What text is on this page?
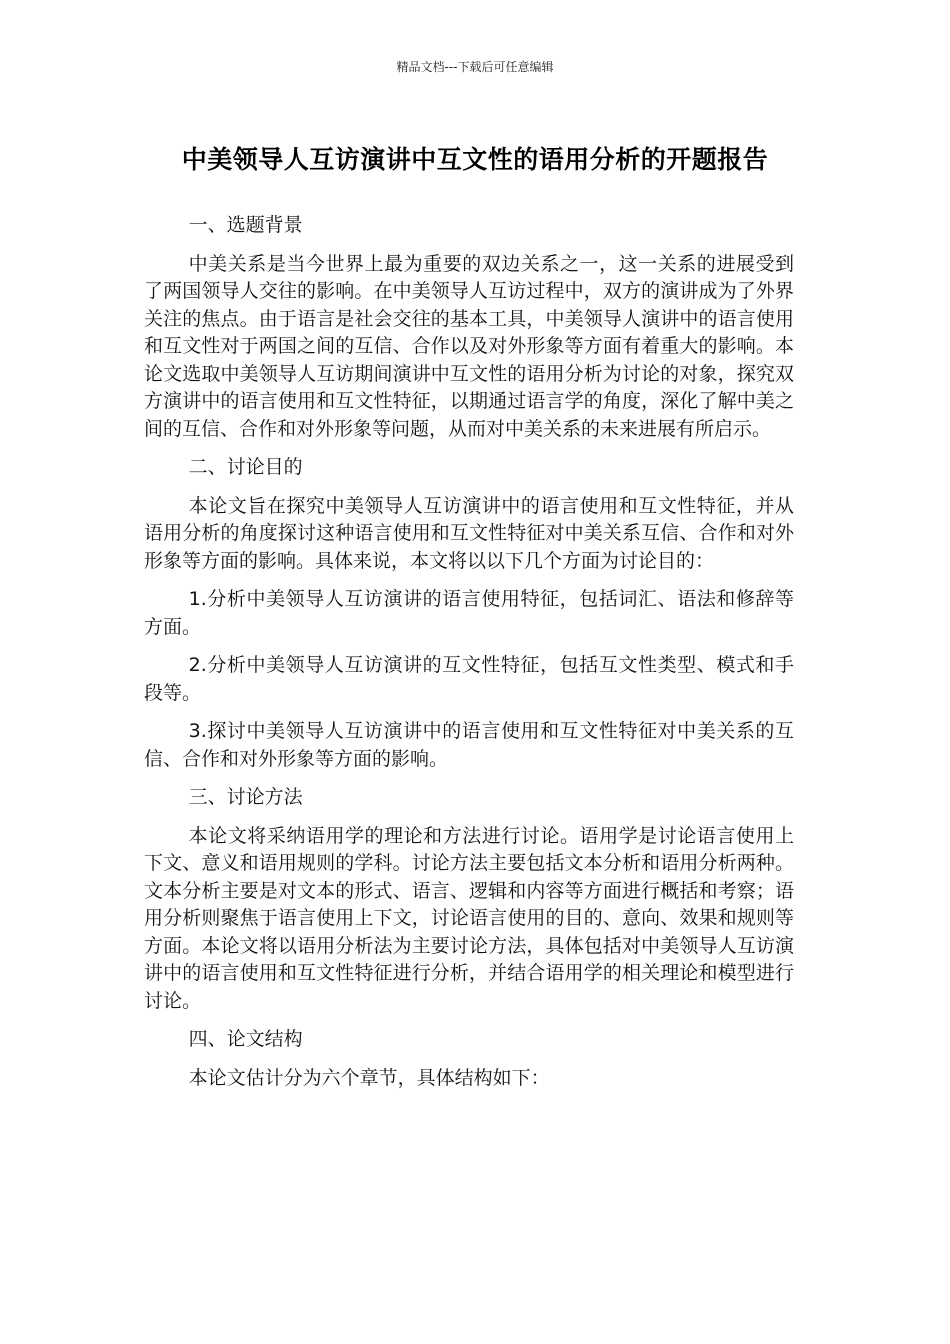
精品文档---下载后可任意编辑
中美领导人互访演讲中互文性的语用分析的开题报告
一、选题背景
中美关系是当今世界上最为重要的双边关系之一，这一关系的进展受到了两国领导人交往的影响。在中美领导人互访过程中，双方的演讲成为了外界关注的焦点。由于语言是社会交往的基本工具，中美领导人演讲中的语言使用和互文性对于两国之间的互信、合作以及对外形象等方面有着重大的影响。本论文选取中美领导人互访期间演讲中互文性的语用分析为讨论的对象，探究双方演讲中的语言使用和互文性特征，以期通过语言学的角度，深化了解中美之间的互信、合作和对外形象等问题，从而对中美关系的未来进展有所启示。
二、讨论目的
本论文旨在探究中美领导人互访演讲中的语言使用和互文性特征，并从语用分析的角度探讨这种语言使用和互文性特征对中美关系互信、合作和对外形象等方面的影响。具体来说，本文将以以下几个方面为讨论目的：
1.分析中美领导人互访演讲的语言使用特征，包括词汇、语法和修辞等方面。
2.分析中美领导人互访演讲的互文性特征，包括互文性类型、模式和手段等。
3.探讨中美领导人互访演讲中的语言使用和互文性特征对中美关系的互信、合作和对外形象等方面的影响。
三、讨论方法
本论文将采纳语用学的理论和方法进行讨论。语用学是讨论语言使用上下文、意义和语用规则的学科。讨论方法主要包括文本分析和语用分析两种。文本分析主要是对文本的形式、语言、逻辑和内容等方面进行概括和考察；语用分析则聚焦于语言使用上下文，讨论语言使用的目的、意向、效果和规则等方面。本论文将以语用分析法为主要讨论方法，具体包括对中美领导人互访演讲中的语言使用和互文性特征进行分析，并结合语用学的相关理论和模型进行讨论。
四、论文结构
本论文估计分为六个章节，具体结构如下：
